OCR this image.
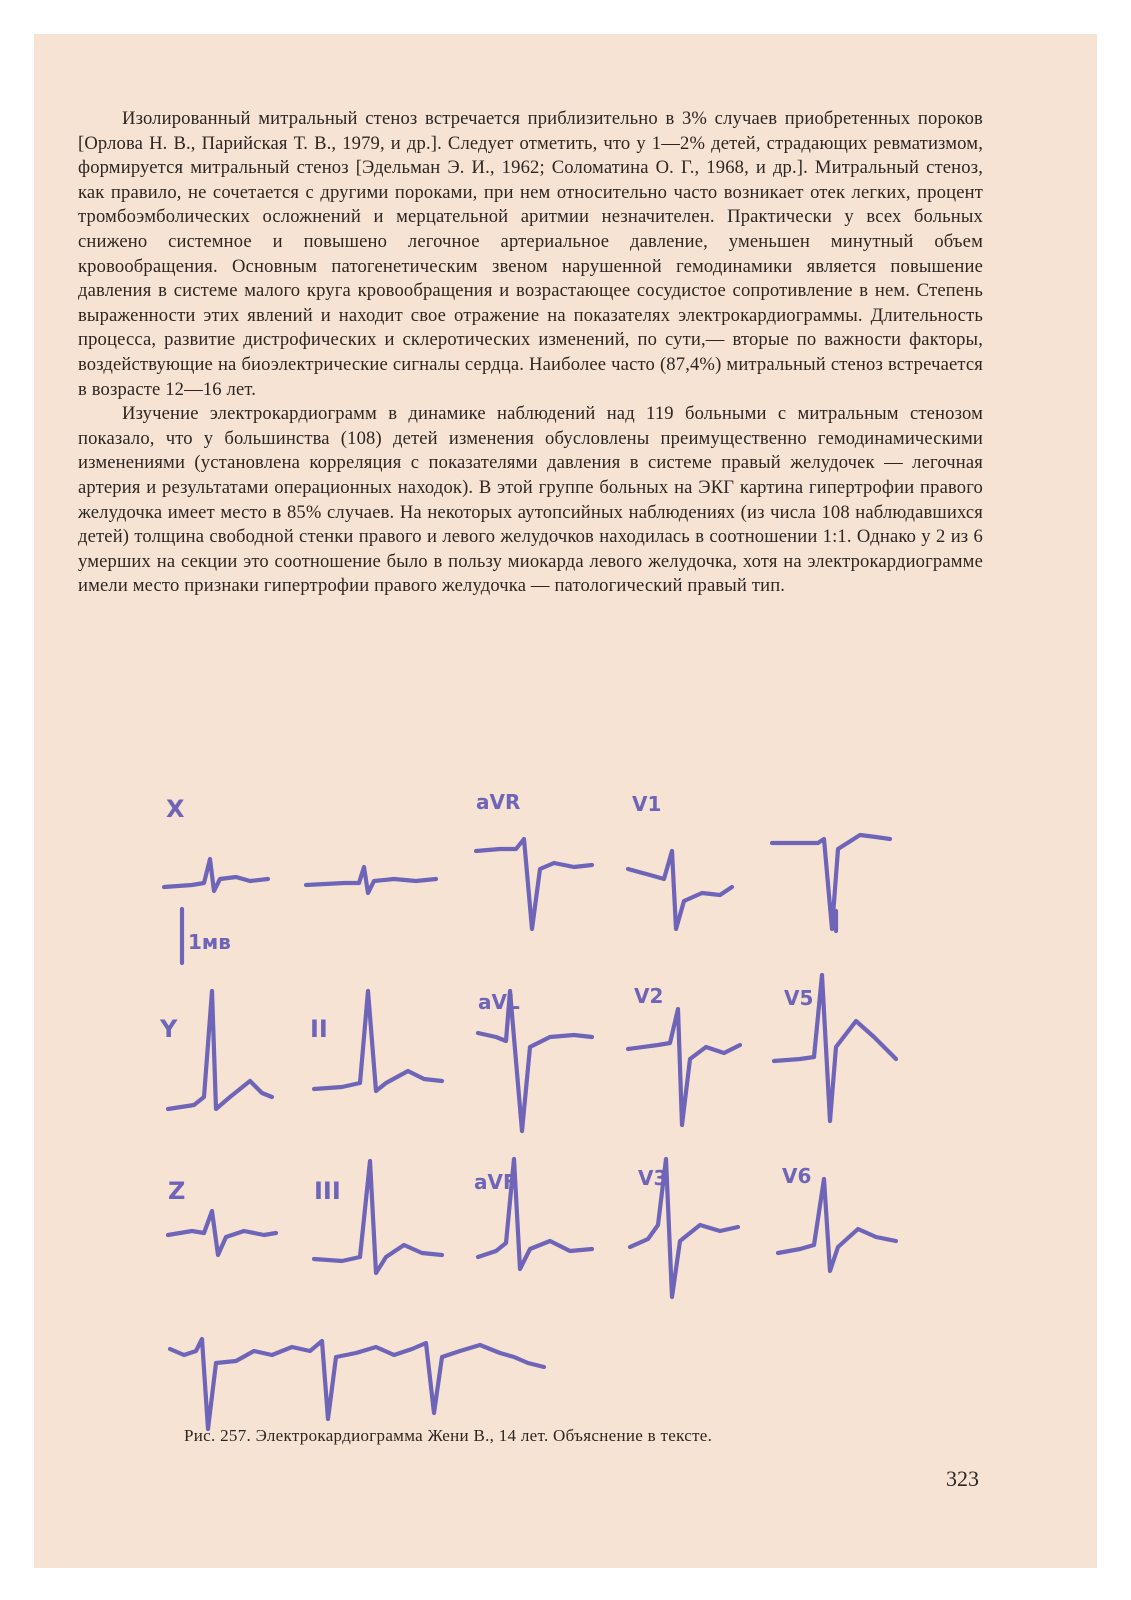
Изолированный митральный стеноз встречается приблизительно в 3% случаев приобретенных пороков [Орлова Н. В., Парийская Т. В., 1979, и др.]. Следует отметить, что у 1—2% детей, страдающих ревматизмом, формируется митральный стеноз [Эдельман Э. И., 1962; Соломатина О. Г., 1968, и др.]. Митральный стеноз, как правило, не сочетается с другими пороками, при нем относительно часто возникает отек легких, процент тромбоэмболических осложнений и мерцательной аритмии незначителен. Практически у всех больных снижено системное и повышено легочное артериальное давление, уменьшен минутный объем кровообращения. Основным патогенетическим звеном нарушенной гемодинамики является повышение давления в системе малого круга кровообращения и возрастающее сосудистое сопротивление в нем. Степень выраженности этих явлений и находит свое отражение на показателях электрокардиограммы. Длительность процесса, развитие дистрофических и склеротических изменений, по сути,— вторые по важности факторы, воздействующие на биоэлектрические сигналы сердца. Наиболее часто (87,4%) митральный стеноз встречается в возрасте 12—16 лет.

Изучение электрокардиограмм в динамике наблюдений над 119 больными с митральным стенозом показало, что у большинства (108) детей изменения обусловлены преимущественно гемодинамическими изменениями (установлена корреляция с показателями давления в системе правый желудочек — легочная артерия и результатами операционных находок). В этой группе больных на ЭКГ картина гипертрофии правого желудочка имеет место в 85% случаев. На некоторых аутопсийных наблюдениях (из числа 108 наблюдавшихся детей) толщина свободной стенки правого и левого желудочков находилась в соотношении 1:1. Однако у 2 из 6 умерших на секции это соотношение было в пользу миокарда левого желудочка, хотя на электрокардиограмме имели место признаки гипертрофии правого желудочка — патологический правый тип.

X	aVR	V1
1мв
Y	II
aVL	V2	V5
Z	III	aVF	V3	V6
Рис. 257. Электрокардиограмма Жени В., 14 лет. Объяснение в тексте.
323
